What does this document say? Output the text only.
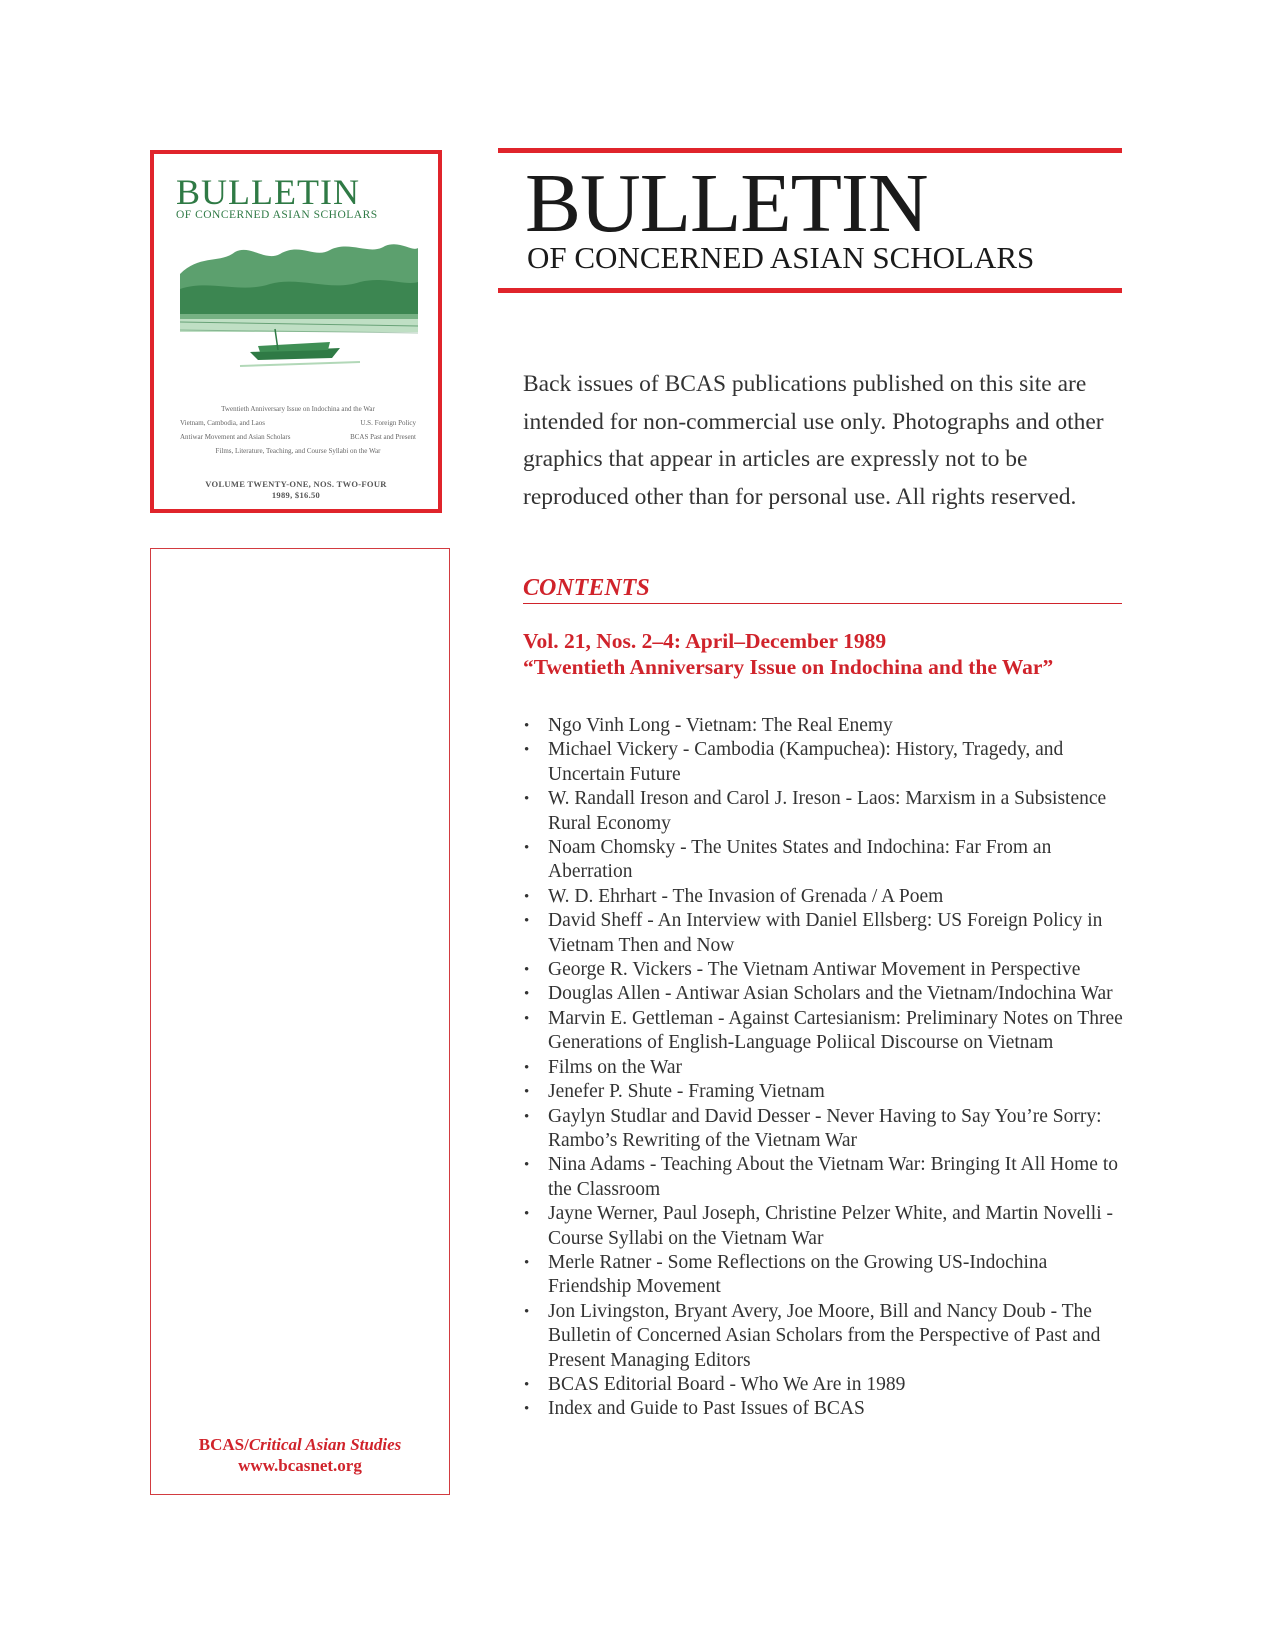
BULLETIN
OF CONCERNED ASIAN SCHOLARS
Twentieth Anniversary Issue on Indochina and the War
Vietnam, Cambodia, and Laos	U.S. Foreign Policy
Antiwar Movement and Asian Scholars	BCAS Past and Present
Films, Literature, Teaching, and Course Syllabi on the War
VOLUME TWENTY-ONE, NOS. TWO-FOUR
1989, $16.50
BCAS/Critical Asian Studies
www.bcasnet.org
BULLETIN
OF CONCERNED ASIAN SCHOLARS
Back issues of BCAS publications published on this site are intended for non-commercial use only. Photographs and other graphics that appear in articles are expressly not to be reproduced other than for personal use. All rights reserved.
CONTENTS
Vol. 21, Nos. 2–4: April–December 1989
“Twentieth Anniversary Issue on Indochina and the War”
• Ngo Vinh Long - Vietnam: The Real Enemy
• Michael Vickery - Cambodia (Kampuchea): History, Tragedy, and Uncertain Future
• W. Randall Ireson and Carol J. Ireson - Laos: Marxism in a Subsistence Rural Economy
• Noam Chomsky - The Unites States and Indochina: Far From an Aberration
• W. D. Ehrhart - The Invasion of Grenada / A Poem
• David Sheff - An Interview with Daniel Ellsberg: US Foreign Policy in Vietnam Then and Now
• George R. Vickers - The Vietnam Antiwar Movement in Perspective
• Douglas Allen - Antiwar Asian Scholars and the Vietnam/Indochina War
• Marvin E. Gettleman - Against Cartesianism: Preliminary Notes on Three Generations of English-Language Poliical Discourse on Vietnam
• Films on the War
• Jenefer P. Shute - Framing Vietnam
• Gaylyn Studlar and David Desser - Never Having to Say You’re Sorry: Rambo’s Rewriting of the Vietnam War
• Nina Adams - Teaching About the Vietnam War: Bringing It All Home to the Classroom
• Jayne Werner, Paul Joseph, Christine Pelzer White, and Martin Novelli - Course Syllabi on the Vietnam War
• Merle Ratner - Some Reflections on the Growing US-Indochina Friendship Movement
• Jon Livingston, Bryant Avery, Joe Moore, Bill and Nancy Doub - The Bulletin of Concerned Asian Scholars from the Perspective of Past and Present Managing Editors
• BCAS Editorial Board - Who We Are in 1989
• Index and Guide to Past Issues of BCAS
